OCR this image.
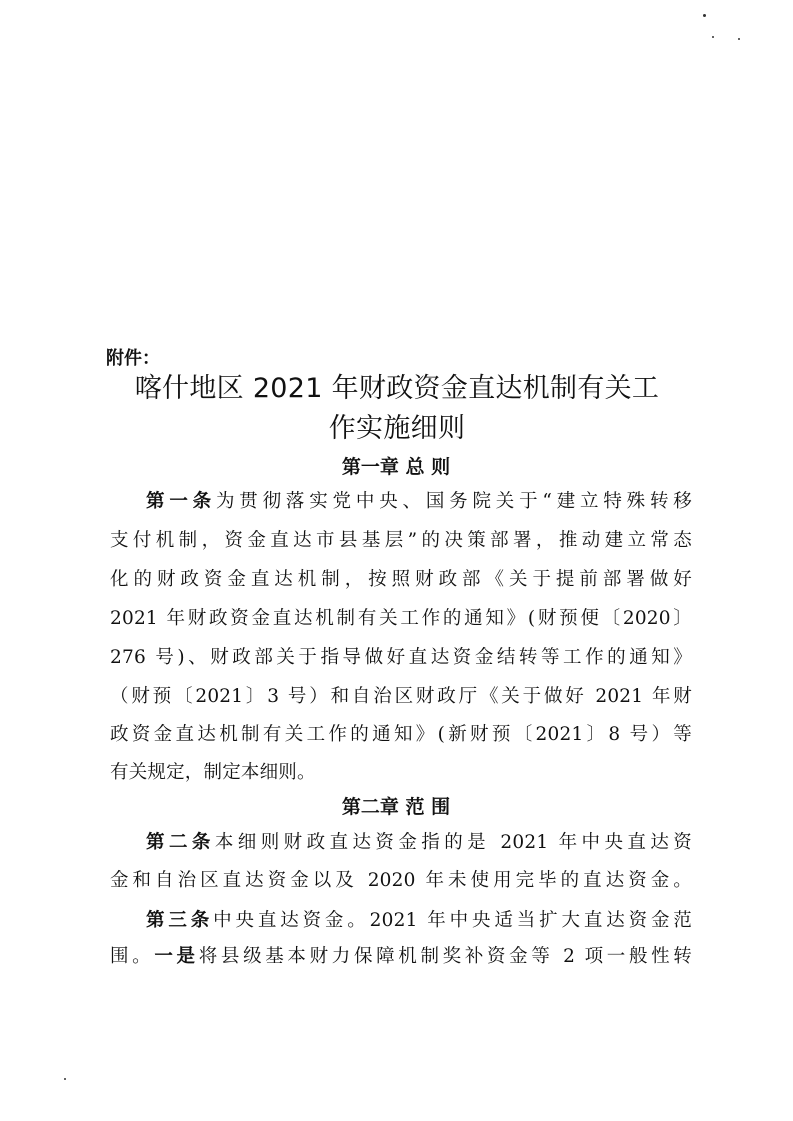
附件：
喀什地区 2021 年财政资金直达机制有关工
作实施细则
第一章 总 则
第一条为贯彻落实党中央、国务院关于“建立特殊转移
支付机制，资金直达市县基层”的决策部署，推动建立常态
化的财政资金直达机制，按照财政部《关于提前部署做好
2021 年财政资金直达机制有关工作的通知》(财预便〔2020〕
276 号)、财政部关于指导做好直达资金结转等工作的通知》
（财预〔2021〕3 号）和自治区财政厅《关于做好 2021 年财
政资金直达机制有关工作的通知》(新财预〔2021〕8 号）等
有关规定，制定本细则。
第二章 范 围
第二条本细则财政直达资金指的是 2021 年中央直达资
金和自治区直达资金以及 2020 年未使用完毕的直达资金。
第三条中央直达资金。2021 年中央适当扩大直达资金范
围。一是将县级基本财力保障机制奖补资金等 2 项一般性转
